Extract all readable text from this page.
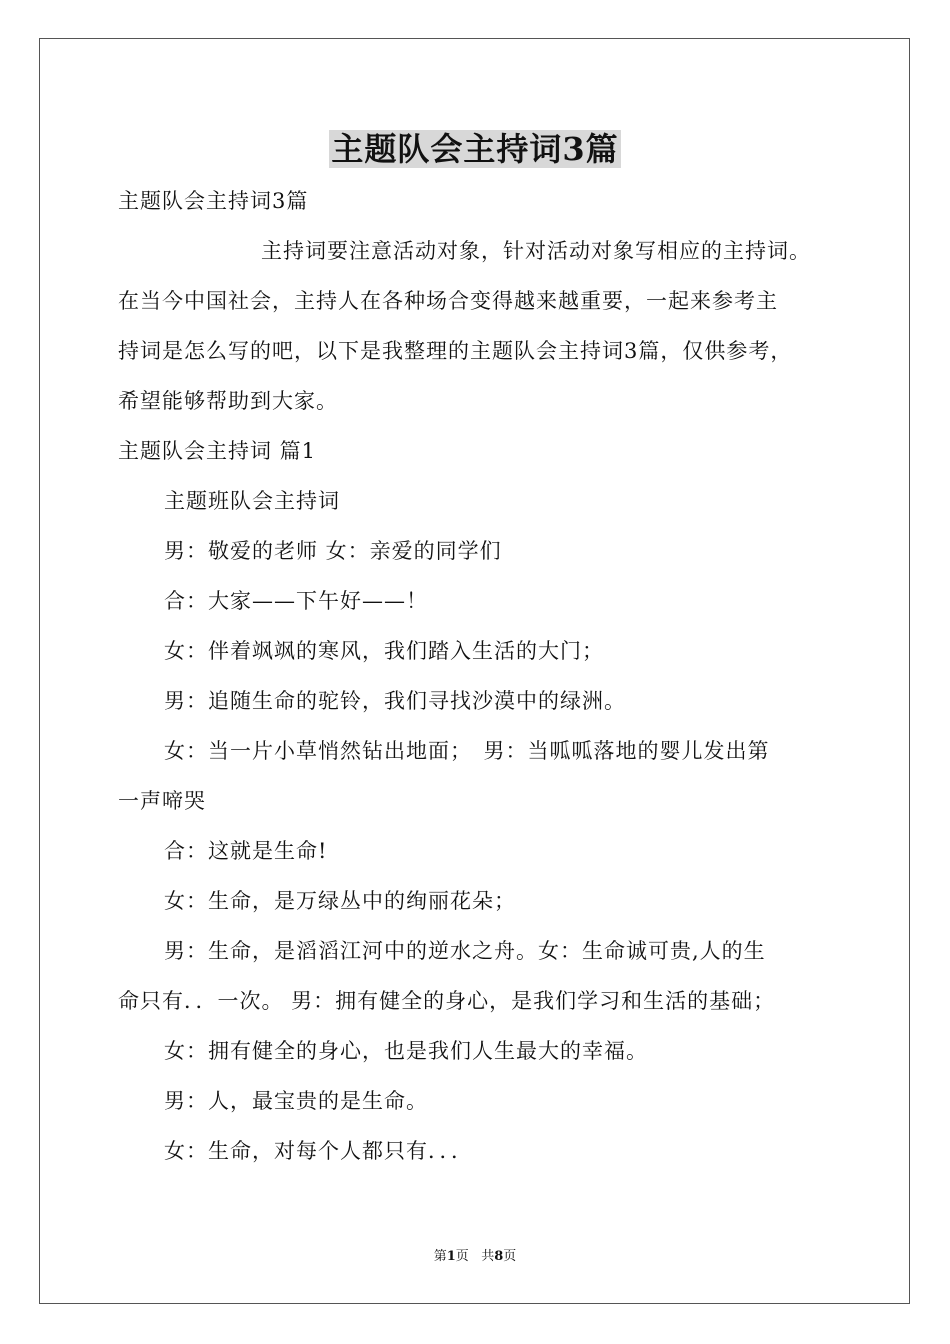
主题队会主持词3篇
主题队会主持词3篇
主持词要注意活动对象，针对活动对象写相应的主持词。
在当今中国社会，主持人在各种场合变得越来越重要，一起来参考主
持词是怎么写的吧，以下是我整理的主题队会主持词3篇，仅供参考，
希望能够帮助到大家。
主题队会主持词 篇1
主题班队会主持词
男：敬爱的老师 女：亲爱的同学们
合：大家——下午好——！
女：伴着飒飒的寒风，我们踏入生活的大门；
男：追随生命的驼铃，我们寻找沙漠中的绿洲。
女：当一片小草悄然钻出地面；　男：当呱呱落地的婴儿发出第
一声啼哭
合：这就是生命!
女：生命，是万绿丛中的绚丽花朵；
男：生命，是滔滔江河中的逆水之舟。女：生命诚可贵,人的生
命只有．．一次。 男：拥有健全的身心，是我们学习和生活的基础；
女：拥有健全的身心，也是我们人生最大的幸福。
男：人，最宝贵的是生命。
女：生命，对每个人都只有．．．
第1页 共8页
